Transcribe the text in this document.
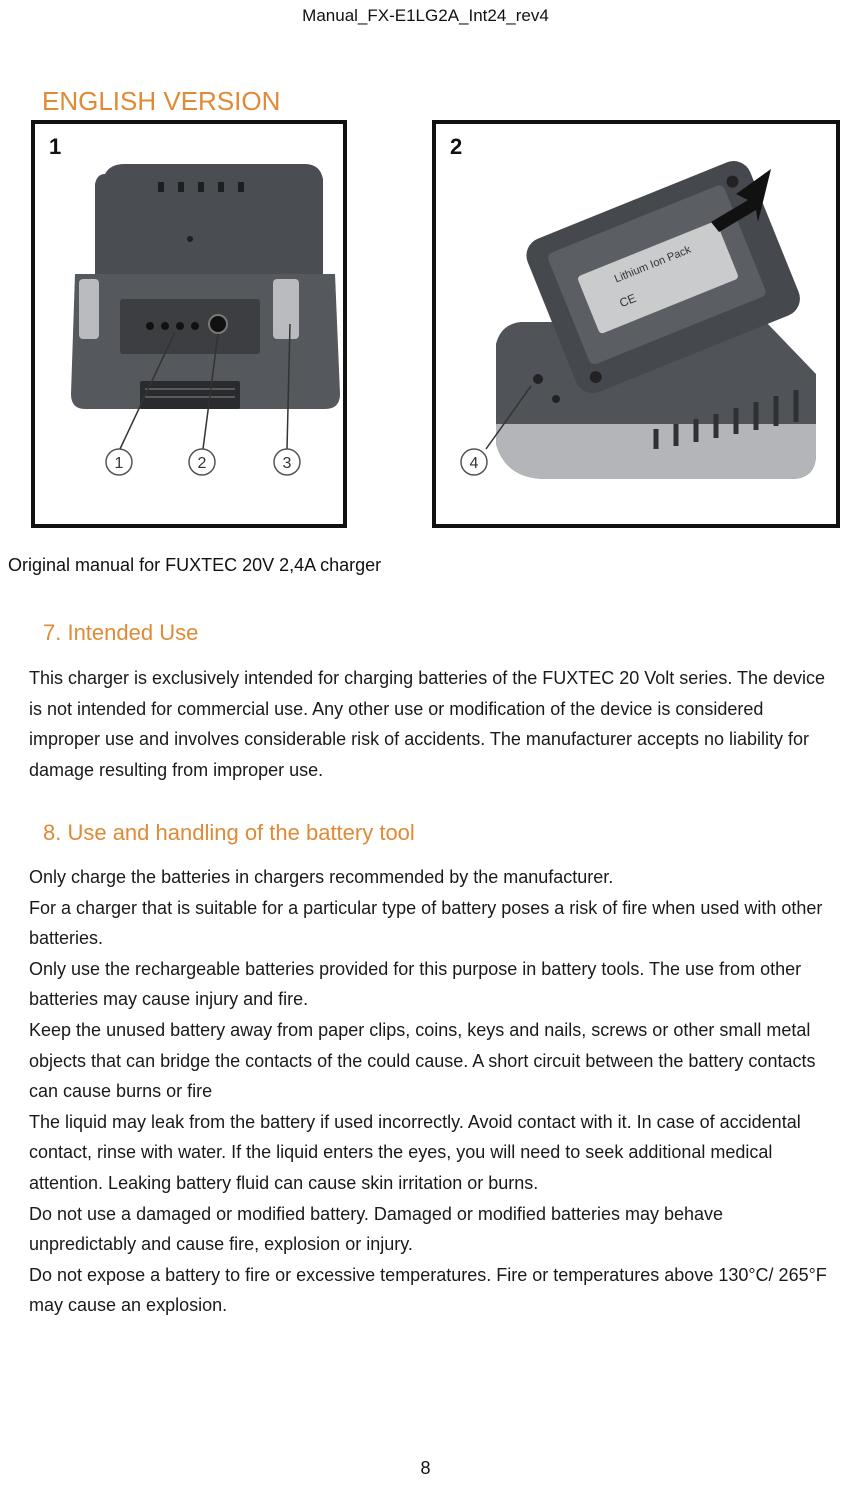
Manual_FX-E1LG2A_Int24_rev4
ENGLISH VERSION
1
1	2	3
2
Lithium Ion Pack
CE
4
Original manual for FUXTEC 20V 2,4A charger
7. Intended Use
This charger is exclusively intended for charging batteries of the FUXTEC 20 Volt series. The device is not intended for commercial use. Any other use or modification of the device is considered improper use and involves considerable risk of accidents. The manufacturer accepts no liability for damage resulting from improper use.
8. Use and handling of the battery tool

Only charge the batteries in chargers recommended by the manufacturer.

For a charger that is suitable for a particular type of battery poses a risk of fire when used with other batteries.

Only use the rechargeable batteries provided for this purpose in battery tools. The use from other batteries may cause injury and fire.

Keep the unused battery away from paper clips, coins, keys and nails, screws or other small metal objects that can bridge the contacts of the could cause. A short circuit between the battery contacts can cause burns or fire

The liquid may leak from the battery if used incorrectly. Avoid contact with it. In case of accidental contact, rinse with water. If the liquid enters the eyes, you will need to seek additional medical attention. Leaking battery fluid can cause skin irritation or burns.

Do not use a damaged or modified battery. Damaged or modified batteries may behave unpredictably and cause fire, explosion or injury.

Do not expose a battery to fire or excessive temperatures. Fire or temperatures above 130°C/ 265°F may cause an explosion.

8
